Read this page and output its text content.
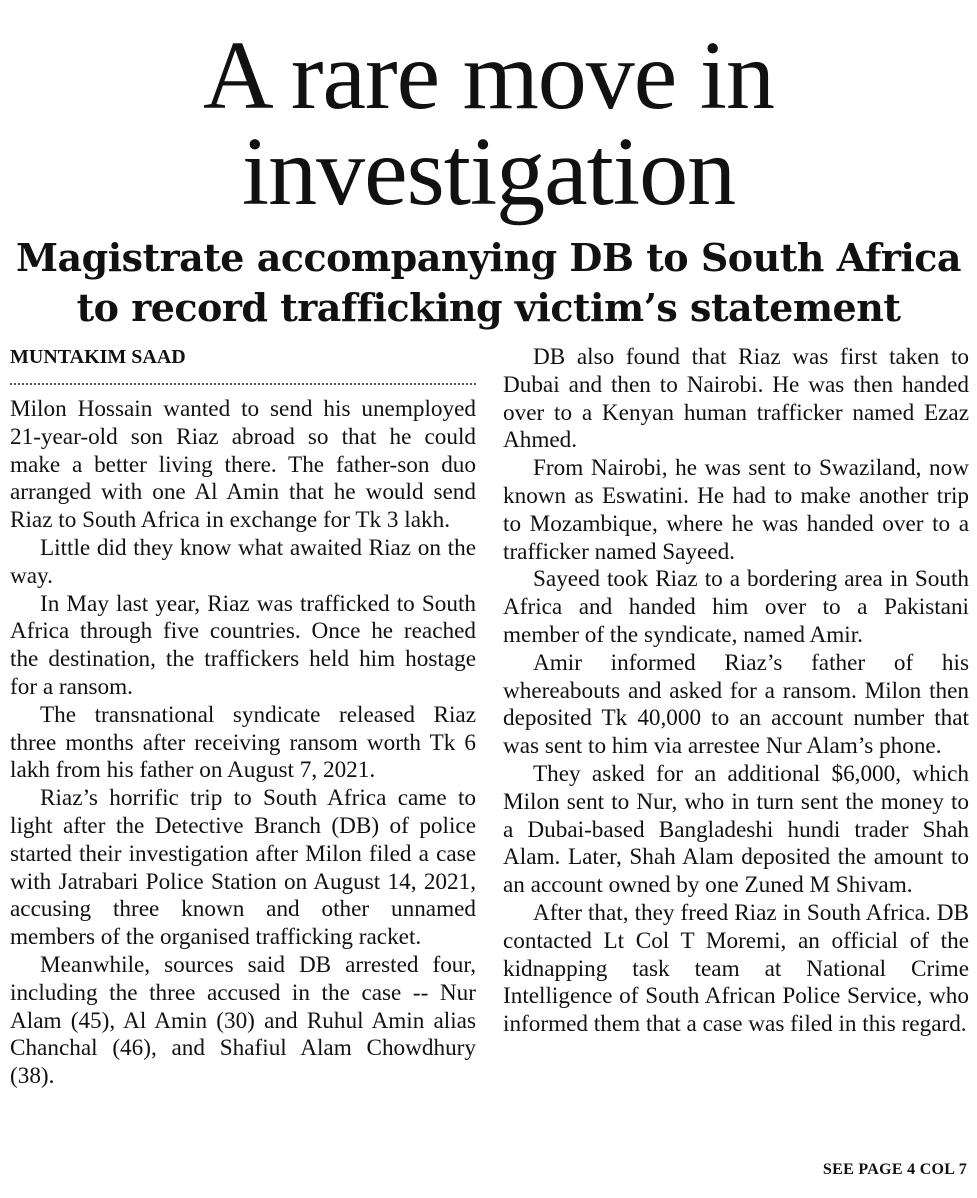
A rare move in
investigation
Magistrate accompanying DB to South Africa
to record trafficking victim’s statement
MUNTAKIM SAAD

Milon Hossain wanted to send his unemployed 21-year-old son Riaz abroad so that he could make a better living there. The father-son duo arranged with one Al Amin that he would send Riaz to South Africa in exchange for Tk 3 lakh.

Little did they know what awaited Riaz on the way.

In May last year, Riaz was trafficked to South Africa through five countries. Once he reached the destination, the traffickers held him hostage for a ransom.

The transnational syndicate released Riaz three months after receiving ransom worth Tk 6 lakh from his father on August 7, 2021.

Riaz’s horrific trip to South Africa came to light after the Detective Branch (DB) of police started their investigation after Milon filed a case with Jatrabari Police Station on August 14, 2021, accusing three known and other unnamed members of the organised trafficking racket.

Meanwhile, sources said DB arrested four, including the three accused in the case -- Nur Alam (45), Al Amin (30) and Ruhul Amin alias Chanchal (46), and Shafiul Alam Chowdhury (38).

DB also found that Riaz was first taken to Dubai and then to Nairobi. He was then handed over to a Kenyan human trafficker named Ezaz Ahmed.

From Nairobi, he was sent to Swaziland, now known as Eswatini. He had to make another trip to Mozambique, where he was handed over to a trafficker named Sayeed.

Sayeed took Riaz to a bordering area in South Africa and handed him over to a Pakistani member of the syndicate, named Amir.

Amir informed Riaz’s father of his whereabouts and asked for a ransom. Milon then deposited Tk 40,000 to an account number that was sent to him via arrestee Nur Alam’s phone.

They asked for an additional $6,000, which Milon sent to Nur, who in turn sent the money to a Dubai-based Bangladeshi hundi trader Shah Alam. Later, Shah Alam deposited the amount to an account owned by one Zuned M Shivam.

After that, they freed Riaz in South Africa. DB contacted Lt Col T Moremi, an official of the kidnapping task team at National Crime Intelligence of South African Police Service, who informed them that a case was filed in this regard.

SEE PAGE 4 COL 7
